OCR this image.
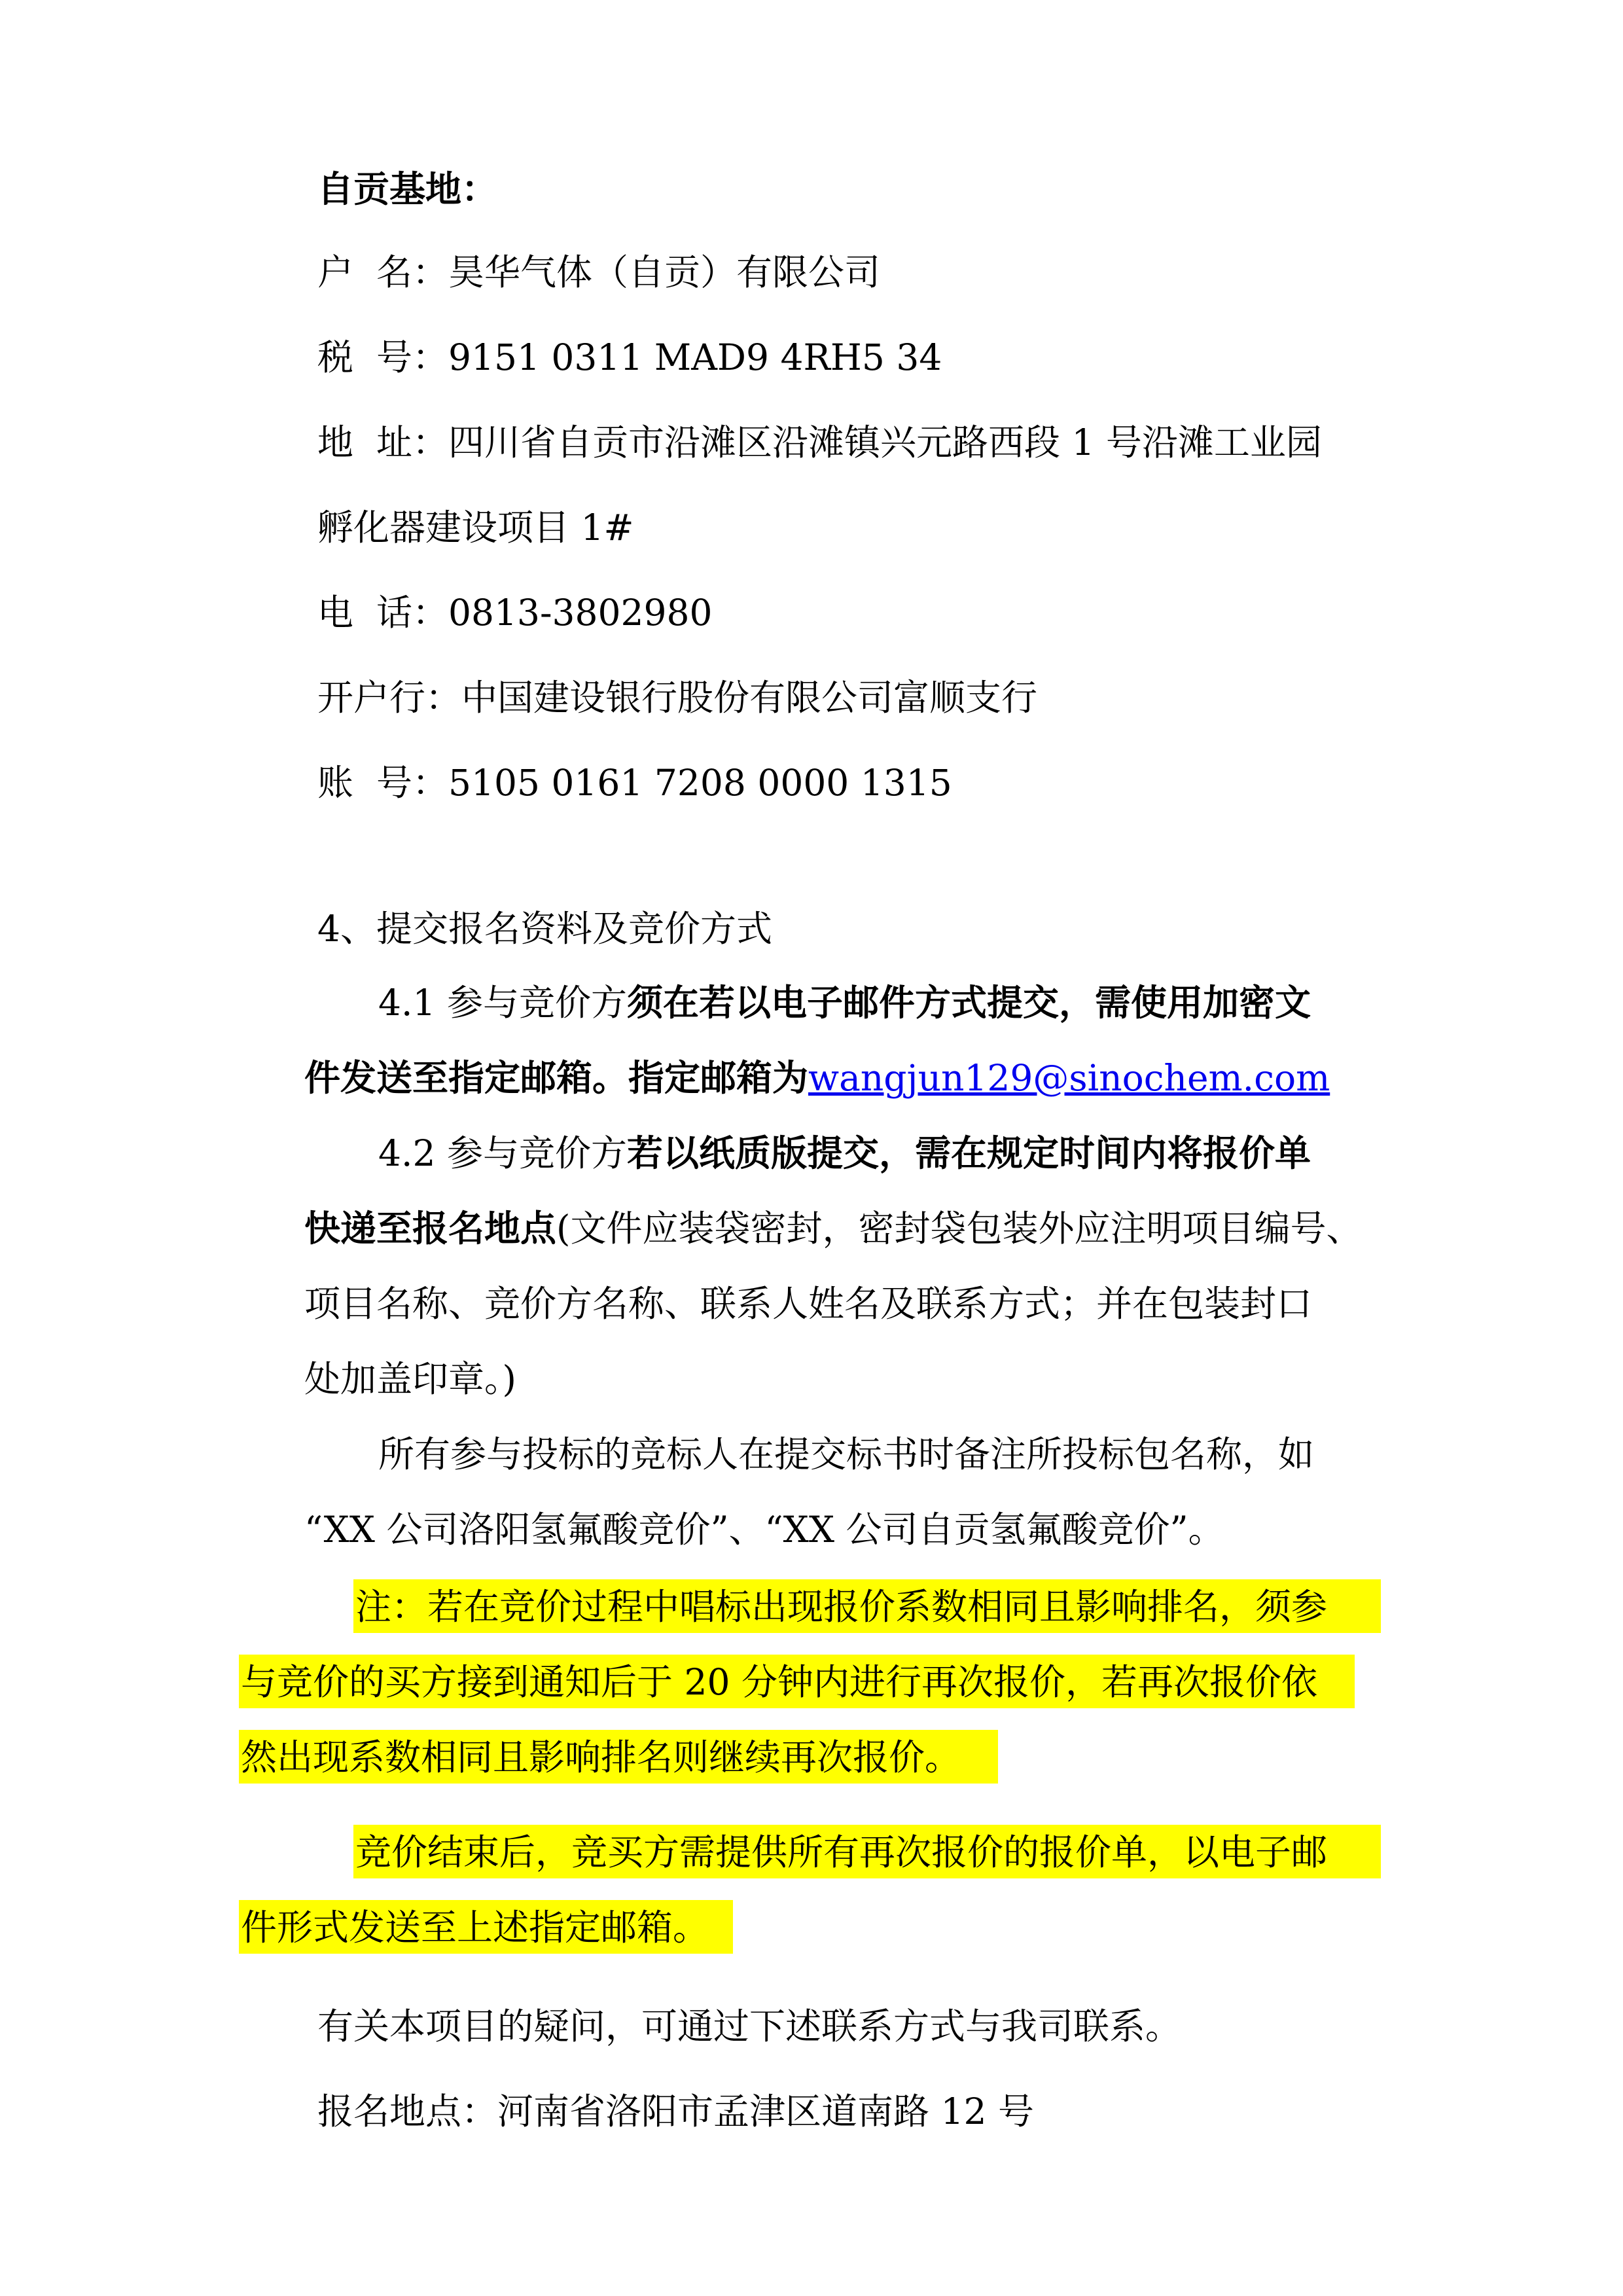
自贡基地：
户  名：昊华气体（自贡）有限公司
税  号：9151 0311 MAD9 4RH5 34
地  址：四川省自贡市沿滩区沿滩镇兴元路西段 1 号沿滩工业园
孵化器建设项目 1#
电  话：0813-3802980
开户行：中国建设银行股份有限公司富顺支行
账  号：5105 0161 7208 0000 1315
4、提交报名资料及竞价方式
4.1 参与竞价方须在若以电子邮件方式提交，需使用加密文
件发送至指定邮箱。指定邮箱为wangjun129@sinochem.com
4.2 参与竞价方若以纸质版提交，需在规定时间内将报价单
快递至报名地点(文件应装袋密封，密封袋包装外应注明项目编号、
项目名称、竞价方名称、联系人姓名及联系方式；并在包装封口
处加盖印章。)
所有参与投标的竞标人在提交标书时备注所投标包名称，如
“XX 公司洛阳氢氟酸竞价”、“XX 公司自贡氢氟酸竞价”。
注：若在竞价过程中唱标出现报价系数相同且影响排名，须参
与竞价的买方接到通知后于 20 分钟内进行再次报价，若再次报价依
然出现系数相同且影响排名则继续再次报价。
竞价结束后，竞买方需提供所有再次报价的报价单，以电子邮
件形式发送至上述指定邮箱。
有关本项目的疑问，可通过下述联系方式与我司联系。
报名地点：河南省洛阳市孟津区道南路 12 号
